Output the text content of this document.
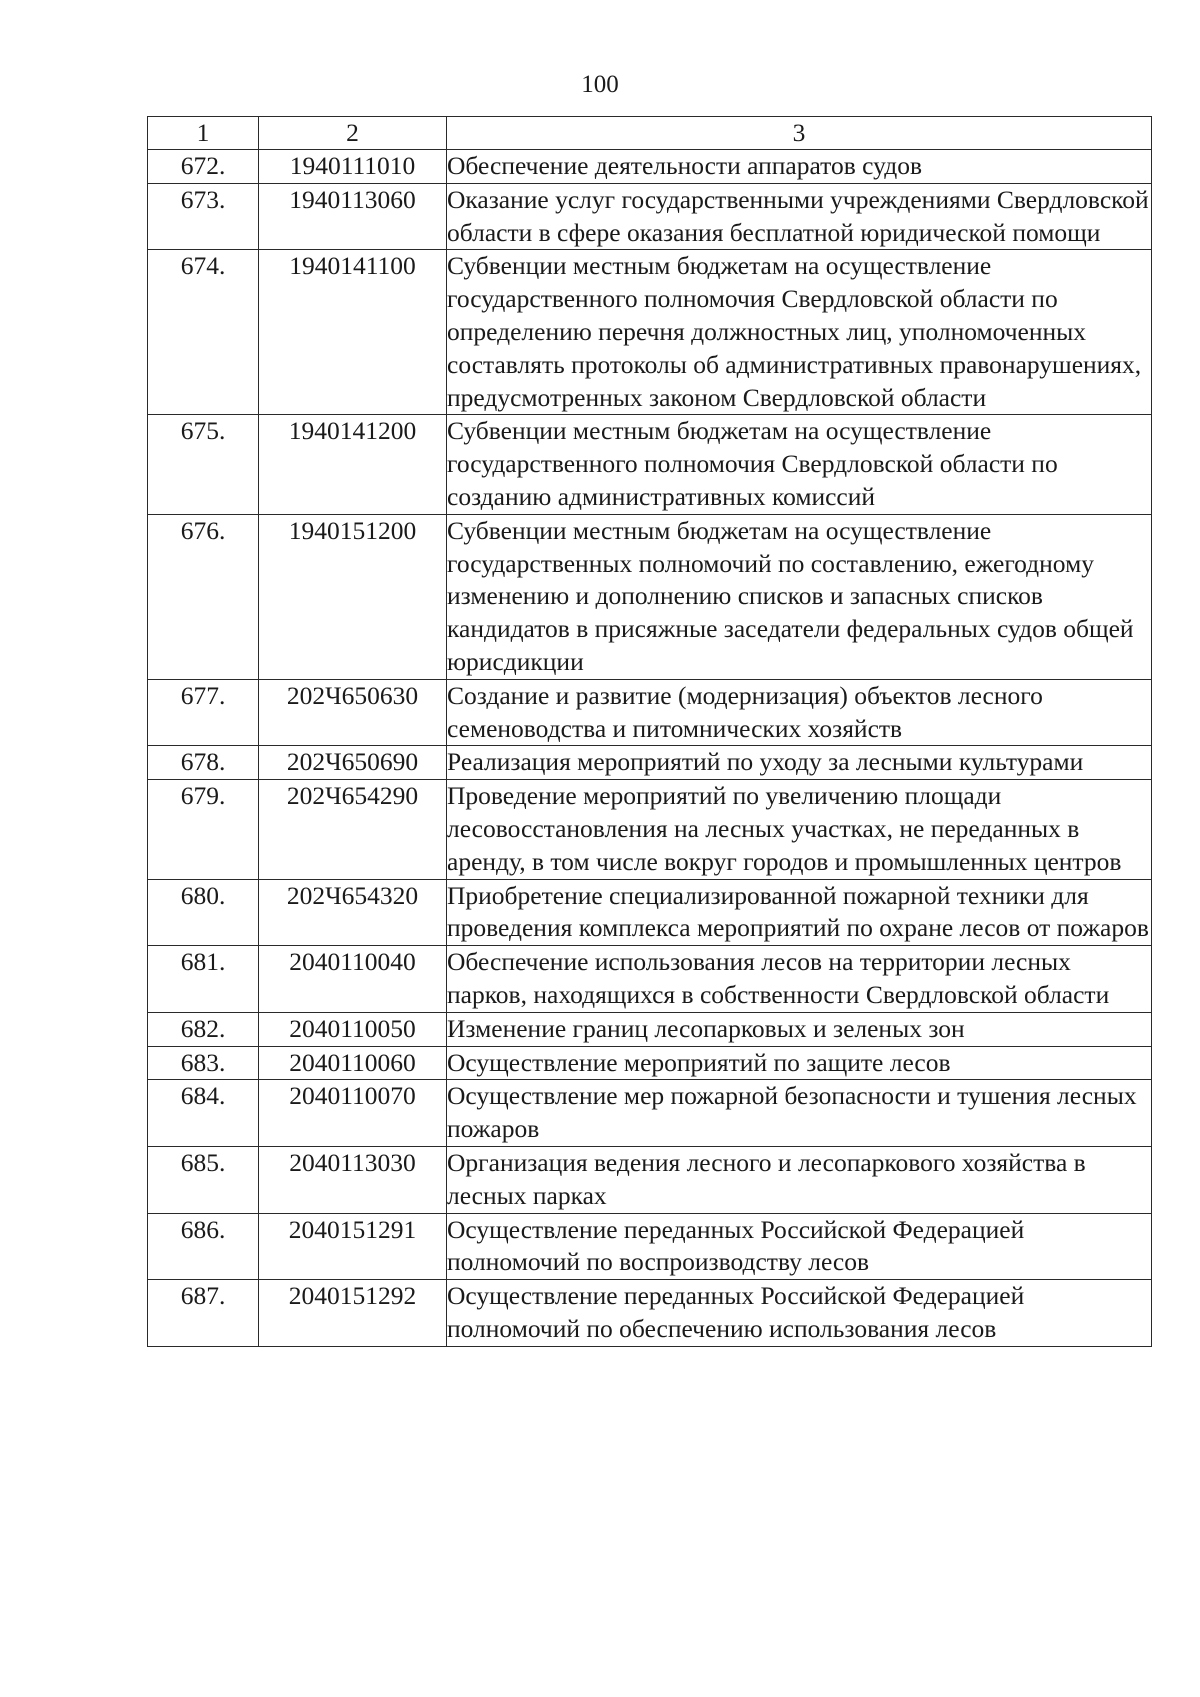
100
1	2	3
672.	1940111010	Обеспечение деятельности аппаратов судов
673.	1940113060	Оказание услуг государственными учреждениями Свердловской области в сфере оказания бесплатной юридической помощи
674.	1940141100	Субвенции местным бюджетам на осуществление государственного полномочия Свердловской области по определению перечня должностных лиц, уполномоченных составлять протоколы об административных правонарушениях, предусмотренных законом Свердловской области
675.	1940141200	Субвенции местным бюджетам на осуществление государственного полномочия Свердловской области по созданию административных комиссий
676.	1940151200	Субвенции местным бюджетам на осуществление государственных полномочий по составлению, ежегодному изменению и дополнению списков и запасных списков кандидатов в присяжные заседатели федеральных судов общей юрисдикции
677.	202Ч650630	Создание и развитие (модернизация) объектов лесного семеноводства и питомнических хозяйств
678.	202Ч650690	Реализация мероприятий по уходу за лесными культурами
679.	202Ч654290	Проведение мероприятий по увеличению площади лесовосстановления на лесных участках, не переданных в аренду, в том числе вокруг городов и промышленных центров
680.	202Ч654320	Приобретение специализированной пожарной техники для проведения комплекса мероприятий по охране лесов от пожаров
681.	2040110040	Обеспечение использования лесов на территории лесных парков, находящихся в собственности Свердловской области
682.	2040110050	Изменение границ лесопарковых и зеленых зон
683.	2040110060	Осуществление мероприятий по защите лесов
684.	2040110070	Осуществление мер пожарной безопасности и тушения лесных пожаров
685.	2040113030	Организация ведения лесного и лесопаркового хозяйства в лесных парках
686.	2040151291	Осуществление переданных Российской Федерацией полномочий по воспроизводству лесов
687.	2040151292	Осуществление переданных Российской Федерацией полномочий по обеспечению использования лесов
